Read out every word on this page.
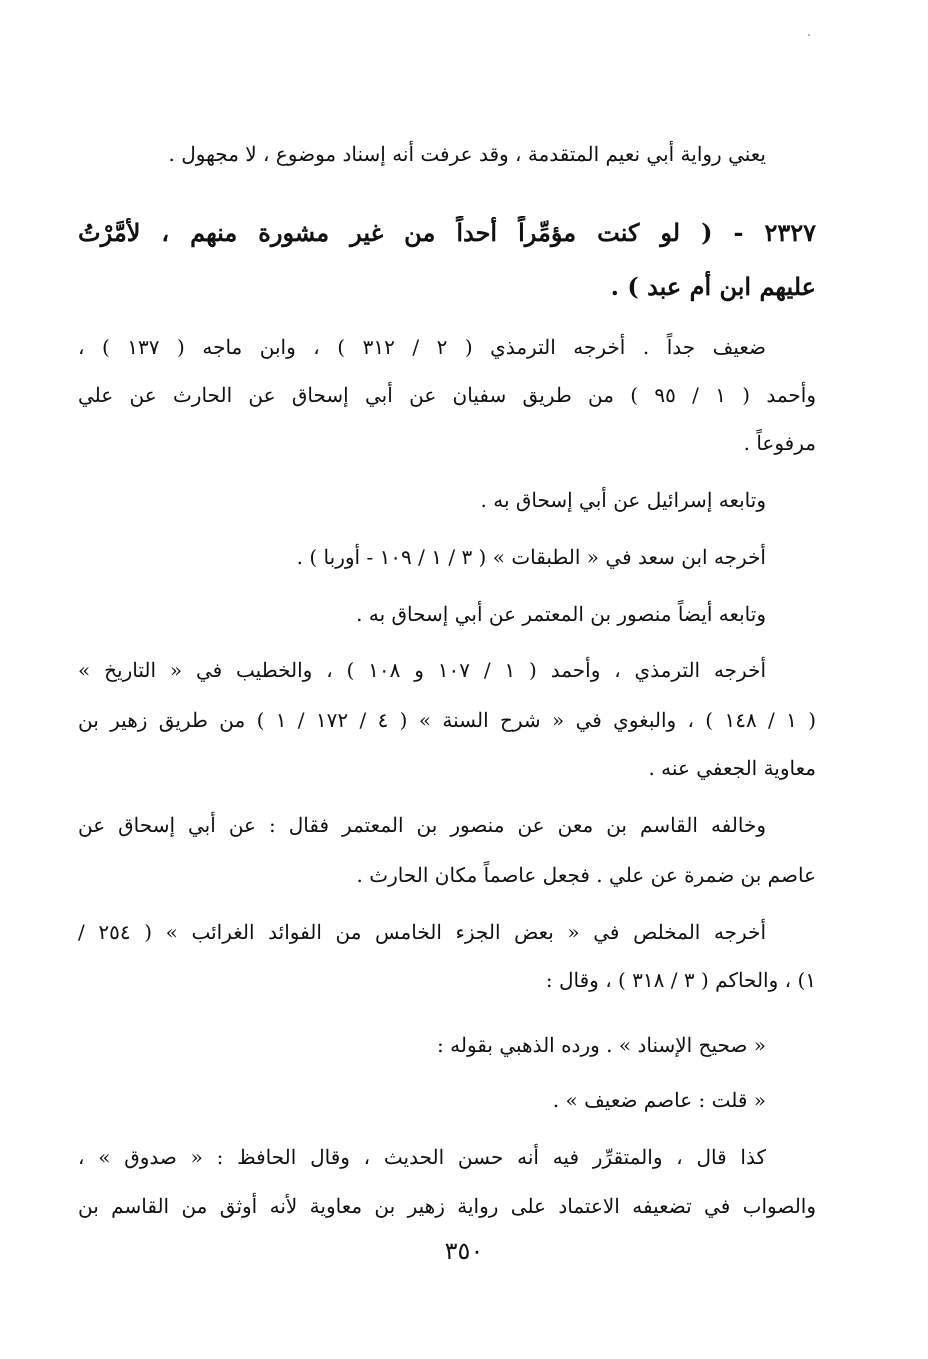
يعني رواية أبي نعيم المتقدمة ، وقد عرفت أنه إسناد موضوع ، لا مجهول .
٢٣٢٧ - ( لو كنت مؤمِّراً أحداً من غير مشورة منهم ، لأمَّرْتُ
عليهم ابن أم عبد ) .
ضعيف جداً . أخرجه الترمذي ( ٢ / ٣١٢ ) ، وابن ماجه ( ١٣٧ ) ،
وأحمد ( ١ / ٩٥ ) من طريق سفيان عن أبي إسحاق عن الحارث عن علي
مرفوعاً .
وتابعه إسرائيل عن أبي إسحاق به .
أخرجه ابن سعد في « الطبقات » ( ٣ / ١ / ١٠٩ - أوربا ) .
وتابعه أيضاً منصور بن المعتمر عن أبي إسحاق به .
أخرجه الترمذي ، وأحمد ( ١ / ١٠٧ و ١٠٨ ) ، والخطيب في « التاريخ »
( ١ / ١٤٨ ) ، والبغوي في « شرح السنة » ( ٤ / ١٧٢ / ١ ) من طريق زهير بن
معاوية الجعفي عنه .
وخالفه القاسم بن معن عن منصور بن المعتمر فقال : عن أبي إسحاق عن
عاصم بن ضمرة عن علي . فجعل عاصماً مكان الحارث .
أخرجه المخلص في « بعض الجزء الخامس من الفوائد الغرائب » ( ٢٥٤ /
١) ، والحاكم ( ٣ / ٣١٨ ) ، وقال :
« صحيح الإسناد » . ورده الذهبي بقوله :
« قلت : عاصم ضعيف » .
كذا قال ، والمتقرِّر فيه أنه حسن الحديث ، وقال الحافظ : « صدوق » ،
والصواب في تضعيفه الاعتماد على رواية زهير بن معاوية لأنه أوثق من القاسم بن
٣٥٠
